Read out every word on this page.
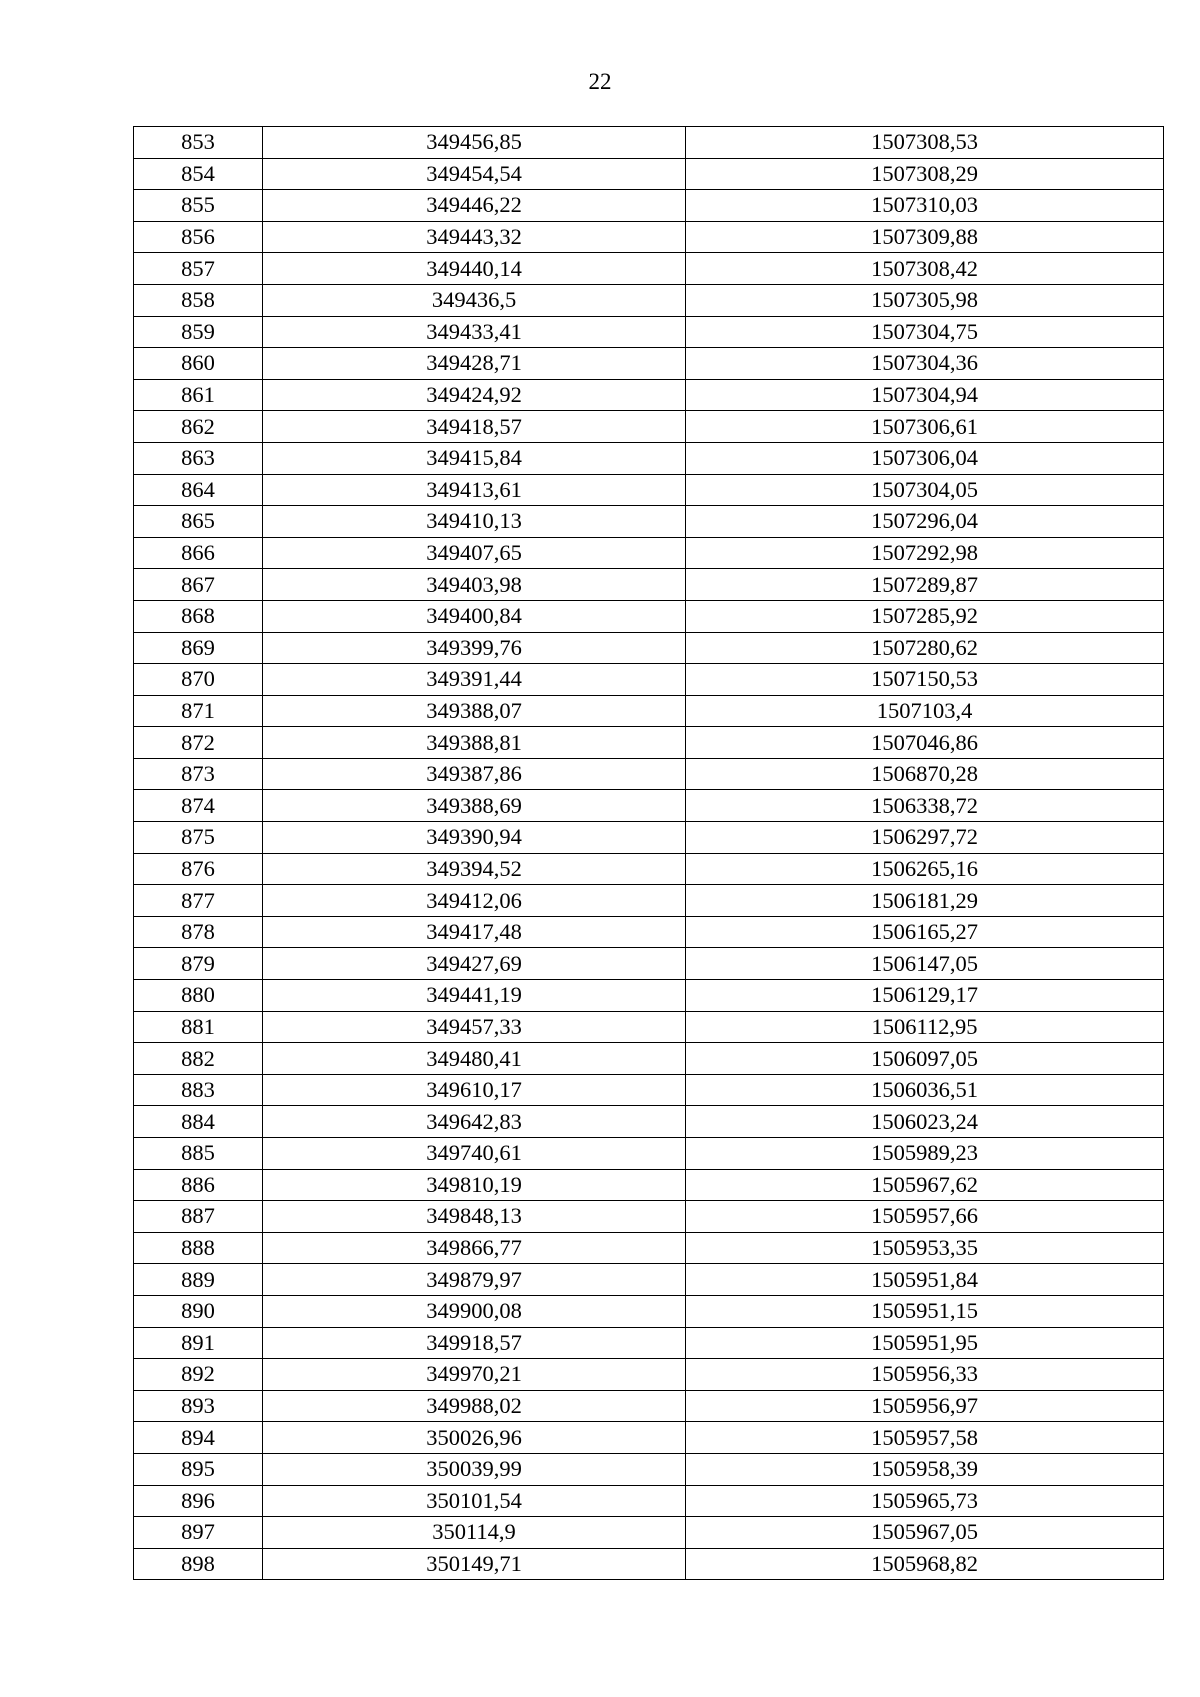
22
853	349456,85	1507308,53
854	349454,54	1507308,29
855	349446,22	1507310,03
856	349443,32	1507309,88
857	349440,14	1507308,42
858	349436,5	1507305,98
859	349433,41	1507304,75
860	349428,71	1507304,36
861	349424,92	1507304,94
862	349418,57	1507306,61
863	349415,84	1507306,04
864	349413,61	1507304,05
865	349410,13	1507296,04
866	349407,65	1507292,98
867	349403,98	1507289,87
868	349400,84	1507285,92
869	349399,76	1507280,62
870	349391,44	1507150,53
871	349388,07	1507103,4
872	349388,81	1507046,86
873	349387,86	1506870,28
874	349388,69	1506338,72
875	349390,94	1506297,72
876	349394,52	1506265,16
877	349412,06	1506181,29
878	349417,48	1506165,27
879	349427,69	1506147,05
880	349441,19	1506129,17
881	349457,33	1506112,95
882	349480,41	1506097,05
883	349610,17	1506036,51
884	349642,83	1506023,24
885	349740,61	1505989,23
886	349810,19	1505967,62
887	349848,13	1505957,66
888	349866,77	1505953,35
889	349879,97	1505951,84
890	349900,08	1505951,15
891	349918,57	1505951,95
892	349970,21	1505956,33
893	349988,02	1505956,97
894	350026,96	1505957,58
895	350039,99	1505958,39
896	350101,54	1505965,73
897	350114,9	1505967,05
898	350149,71	1505968,82
